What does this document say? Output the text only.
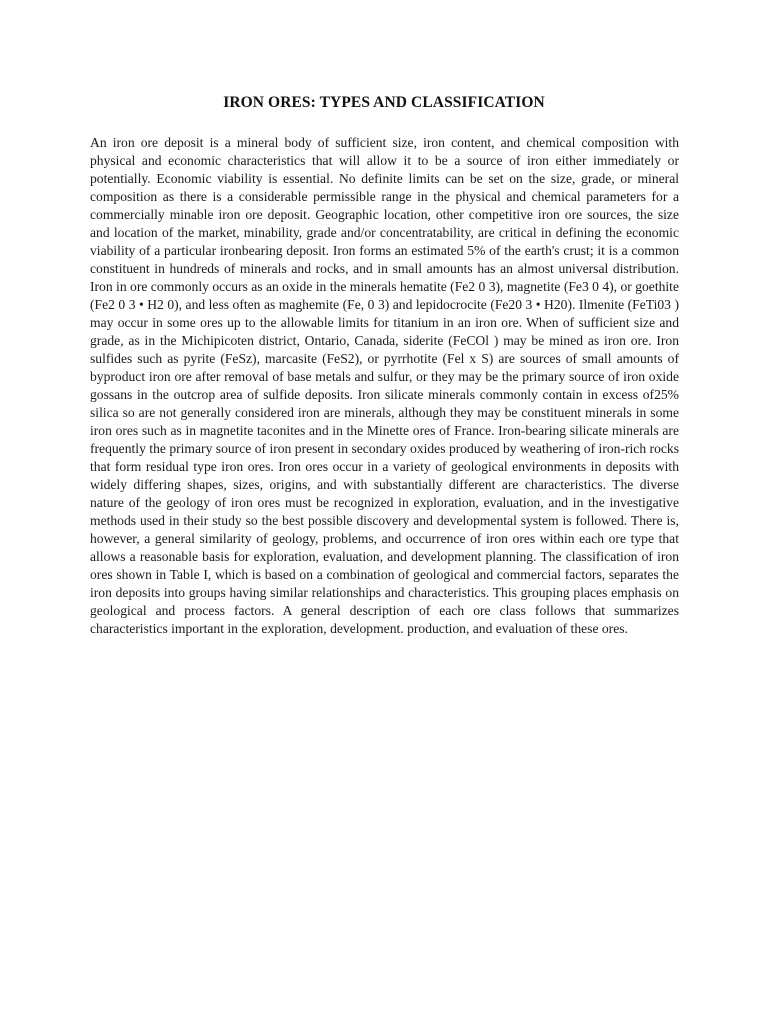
IRON ORES: TYPES AND CLASSIFICATION

An iron ore deposit is a mineral body of sufficient size, iron content, and chemical composition with physical and economic characteristics that will allow it to be a source of iron either immediately or potentially. Economic viability is essential. No definite limits can be set on the size, grade, or mineral composition as there is a considerable permissible range in the physical and chemical parameters for a commercially minable iron ore deposit. Geographic location, other competitive iron ore sources, the size and location of the market, minability, grade and/or concentratability, are critical in defining the economic viability of a particular ironbearing deposit. Iron forms an estimated 5% of the earth's crust; it is a common constituent in hundreds of minerals and rocks, and in small amounts has an almost universal distribution. Iron in ore commonly occurs as an oxide in the minerals hematite (Fe2 0 3), magnetite (Fe3 0 4), or goethite (Fe2 0 3 • H2 0), and less often as maghemite (Fe, 0 3) and lepidocrocite (Fe20 3 • H20). Ilmenite (FeTi03 ) may occur in some ores up to the allowable limits for titanium in an iron ore. When of sufficient size and grade, as in the Michipicoten district, Ontario, Canada, siderite (FeCOl ) may be mined as iron ore. Iron sulfides such as pyrite (FeSz), marcasite (FeS2), or pyrrhotite (Fel x S) are sources of small amounts of byproduct iron ore after removal of base metals and sulfur, or they may be the primary source of iron oxide gossans in the outcrop area of sulfide deposits. Iron silicate minerals commonly contain in excess of25% silica so are not generally considered iron are minerals, although they may be constituent minerals in some iron ores such as in magnetite taconites and in the Minette ores of France. Iron-bearing silicate minerals are frequently the primary source of iron present in secondary oxides produced by weathering of iron-rich rocks that form residual type iron ores. Iron ores occur in a variety of geological environments in deposits with widely differing shapes, sizes, origins, and with substantially different are characteristics. The diverse nature of the geology of iron ores must be recognized in exploration, evaluation, and in the investigative methods used in their study so the best possible discovery and developmental system is followed. There is, however, a general similarity of geology, problems, and occurrence of iron ores within each ore type that allows a reasonable basis for exploration, evaluation, and development planning. The classification of iron ores shown in Table I, which is based on a combination of geological and commercial factors, separates the iron deposits into groups having similar relationships and characteristics. This grouping places emphasis on geological and process factors. A general description of each ore class follows that summarizes characteristics important in the exploration, development. production, and evaluation of these ores.
